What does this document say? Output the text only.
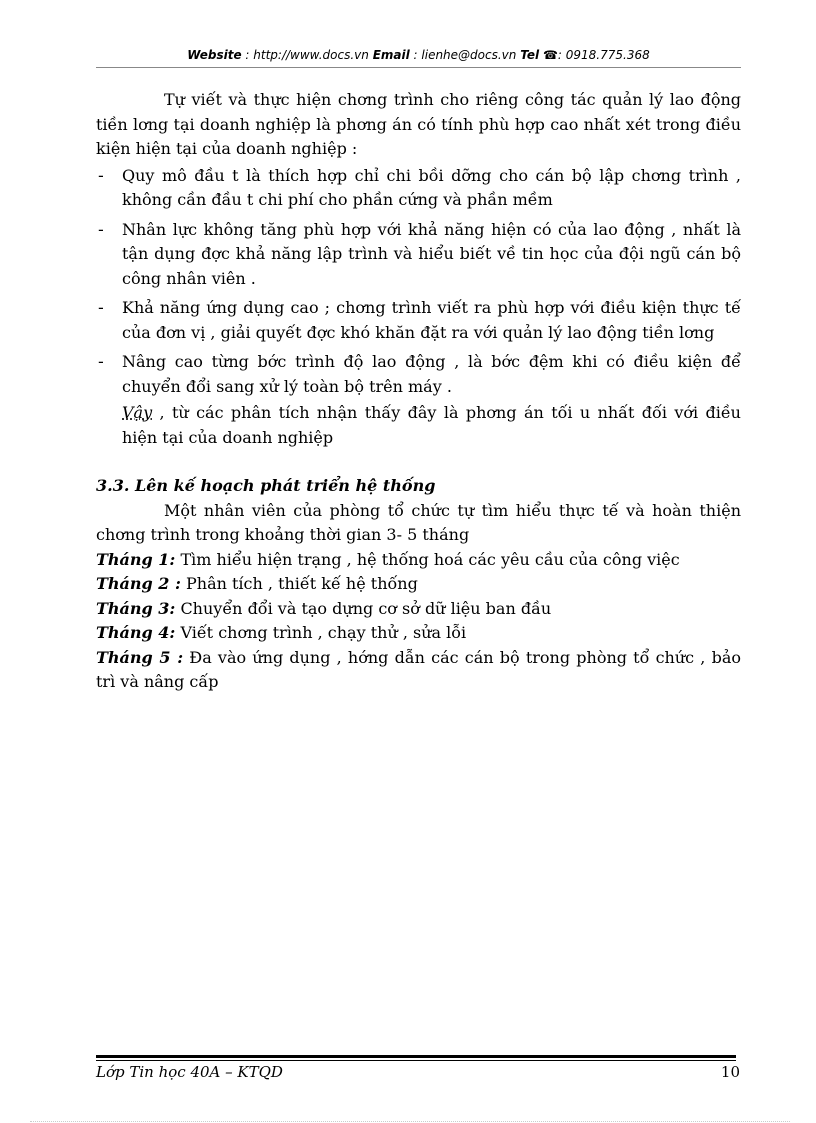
Website : http://www.docs.vn Email : lienhe@docs.vn Tel ☎: 0918.775.368
Tự viết và thực hiện chơng trình cho riêng công tác quản lý lao động tiền lơng tại doanh nghiệp là phơng án có tính phù hợp cao nhất xét trong điều kiện hiện tại của doanh nghiệp :
- Quy mô đầu t là thích hợp chỉ chi bồi dỡng cho cán bộ lập chơng trình , không cần đầu t chi phí cho phần cứng và phần mềm
- Nhân lực không tăng phù hợp với khả năng hiện có của lao động , nhất là tận dụng đợc khả năng lập trình và hiểu biết về tin học của đội ngũ cán bộ công nhân viên .
- Khả năng ứng dụng cao ; chơng trình viết ra phù hợp với điều kiện thực tế của đơn vị , giải quyết đợc khó khăn đặt ra với quản lý lao động tiền lơng
- Nâng cao từng bớc trình độ lao động , là bớc đệm khi có điều kiện để chuyển đổi sang xử lý toàn bộ trên máy .
Vậy , từ các phân tích nhận thấy đây là phơng án tối u nhất đối với điều hiện tại của doanh nghiệp
3.3. Lên kế hoạch phát triển hệ thống
Một nhân viên của phòng tổ chức tự tìm hiểu thực tế và hoàn thiện chơng trình trong khoảng thời gian 3- 5 tháng
Tháng 1: Tìm hiểu hiện trạng , hệ thống hoá các yêu cầu của công việc
Tháng 2 : Phân tích , thiết kế hệ thống
Tháng 3: Chuyển đổi và tạo dựng cơ sở dữ liệu ban đầu
Tháng 4: Viết chơng trình , chạy thử , sửa lỗi
Tháng 5 : Đa vào ứng dụng , hớng dẫn các cán bộ trong phòng tổ chức , bảo trì và nâng cấp
Lớp Tin học 40A – KTQD	10
